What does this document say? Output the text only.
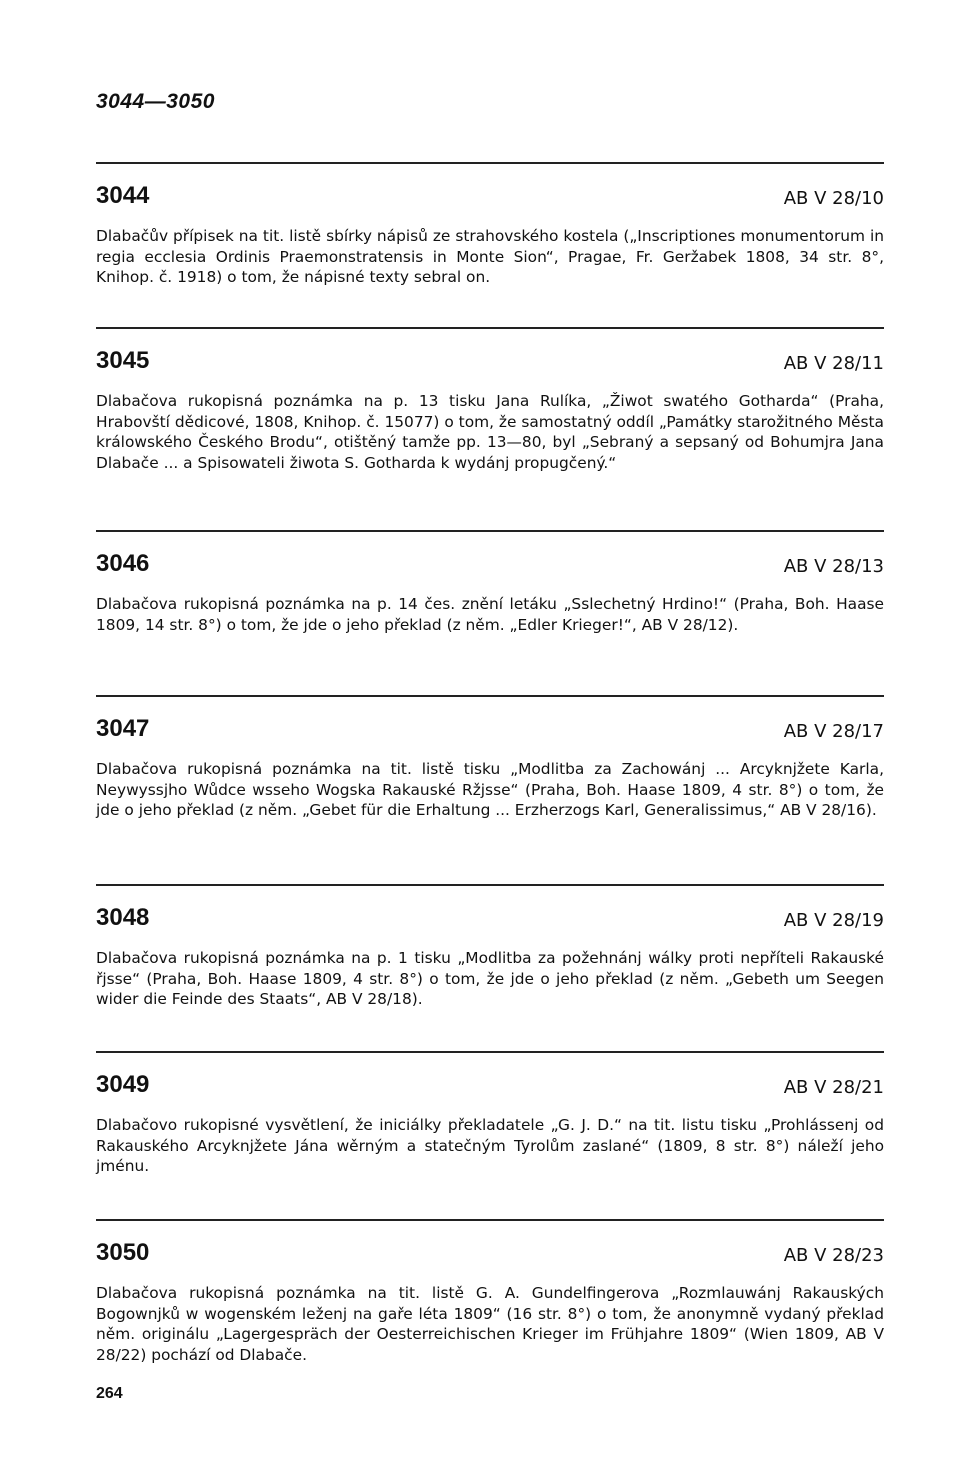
3044—3050
3044	AB V 28/10
Dlabačův přípisek na tit. listě sbírky nápisů ze strahovského kostela („Inscriptiones monumentorum in regia ecclesia Ordinis Praemonstratensis in Monte Sion“, Pragae, Fr. Geržabek 1808, 34 str. 8°, Knihop. č. 1918) o tom, že nápisné texty sebral on.
3045	AB V 28/11
Dlabačova rukopisná poznámka na p. 13 tisku Jana Rulíka, „Žiwot swatého Gotharda“ (Praha, Hrabovští dědicové, 1808, Knihop. č. 15077) o tom, že samostatný oddíl „Památky starožitného Města králowského Českého Brodu“, otištěný tamže pp. 13—80, byl „Sebraný a sepsaný od Bohumjra Jana Dlabače ... a Spisowateli žiwota S. Gotharda k wydánj propugčený.“
3046	AB V 28/13
Dlabačova rukopisná poznámka na p. 14 čes. znění letáku „Sslechetný Hrdino!“ (Praha, Boh. Haase 1809, 14 str. 8°) o tom, že jde o jeho překlad (z něm. „Edler Krieger!“, AB V 28/12).
3047	AB V 28/17
Dlabačova rukopisná poznámka na tit. listě tisku „Modlitba za Zachowánj ... Arcyknjžete Karla, Neywyssjho Wůdce wsseho Wogska Rakauské Ržjsse“ (Praha, Boh. Haase 1809, 4 str. 8°) o tom, že jde o jeho překlad (z něm. „Gebet für die Erhaltung ... Erzherzogs Karl, Generalissimus,“ AB V 28/16).
3048	AB V 28/19
Dlabačova rukopisná poznámka na p. 1 tisku „Modlitba za požehnánj wálky proti nepříteli Rakauské řjsse“ (Praha, Boh. Haase 1809, 4 str. 8°) o tom, že jde o jeho překlad (z něm. „Gebeth um Seegen wider die Feinde des Staats“, AB V 28/18).
3049	AB V 28/21
Dlabačovo rukopisné vysvětlení, že iniciálky překladatele „G. J. D.“ na tit. listu tisku „Prohlássenj od Rakauského Arcyknjžete Jána wěrným a statečným Tyrolům zaslané“ (1809, 8 str. 8°) náleží jeho jménu.
3050	AB V 28/23
Dlabačova rukopisná poznámka na tit. listě G. A. Gundelfingerova „Rozmlauwánj Rakauských Bogownjků w wogenském leženj na gaře léta 1809“ (16 str. 8°) o tom, že anonymně vydaný překlad něm. originálu „Lagergespräch der Oesterreichischen Krieger im Frühjahre 1809“ (Wien 1809, AB V 28/22) pochází od Dlabače.
264
